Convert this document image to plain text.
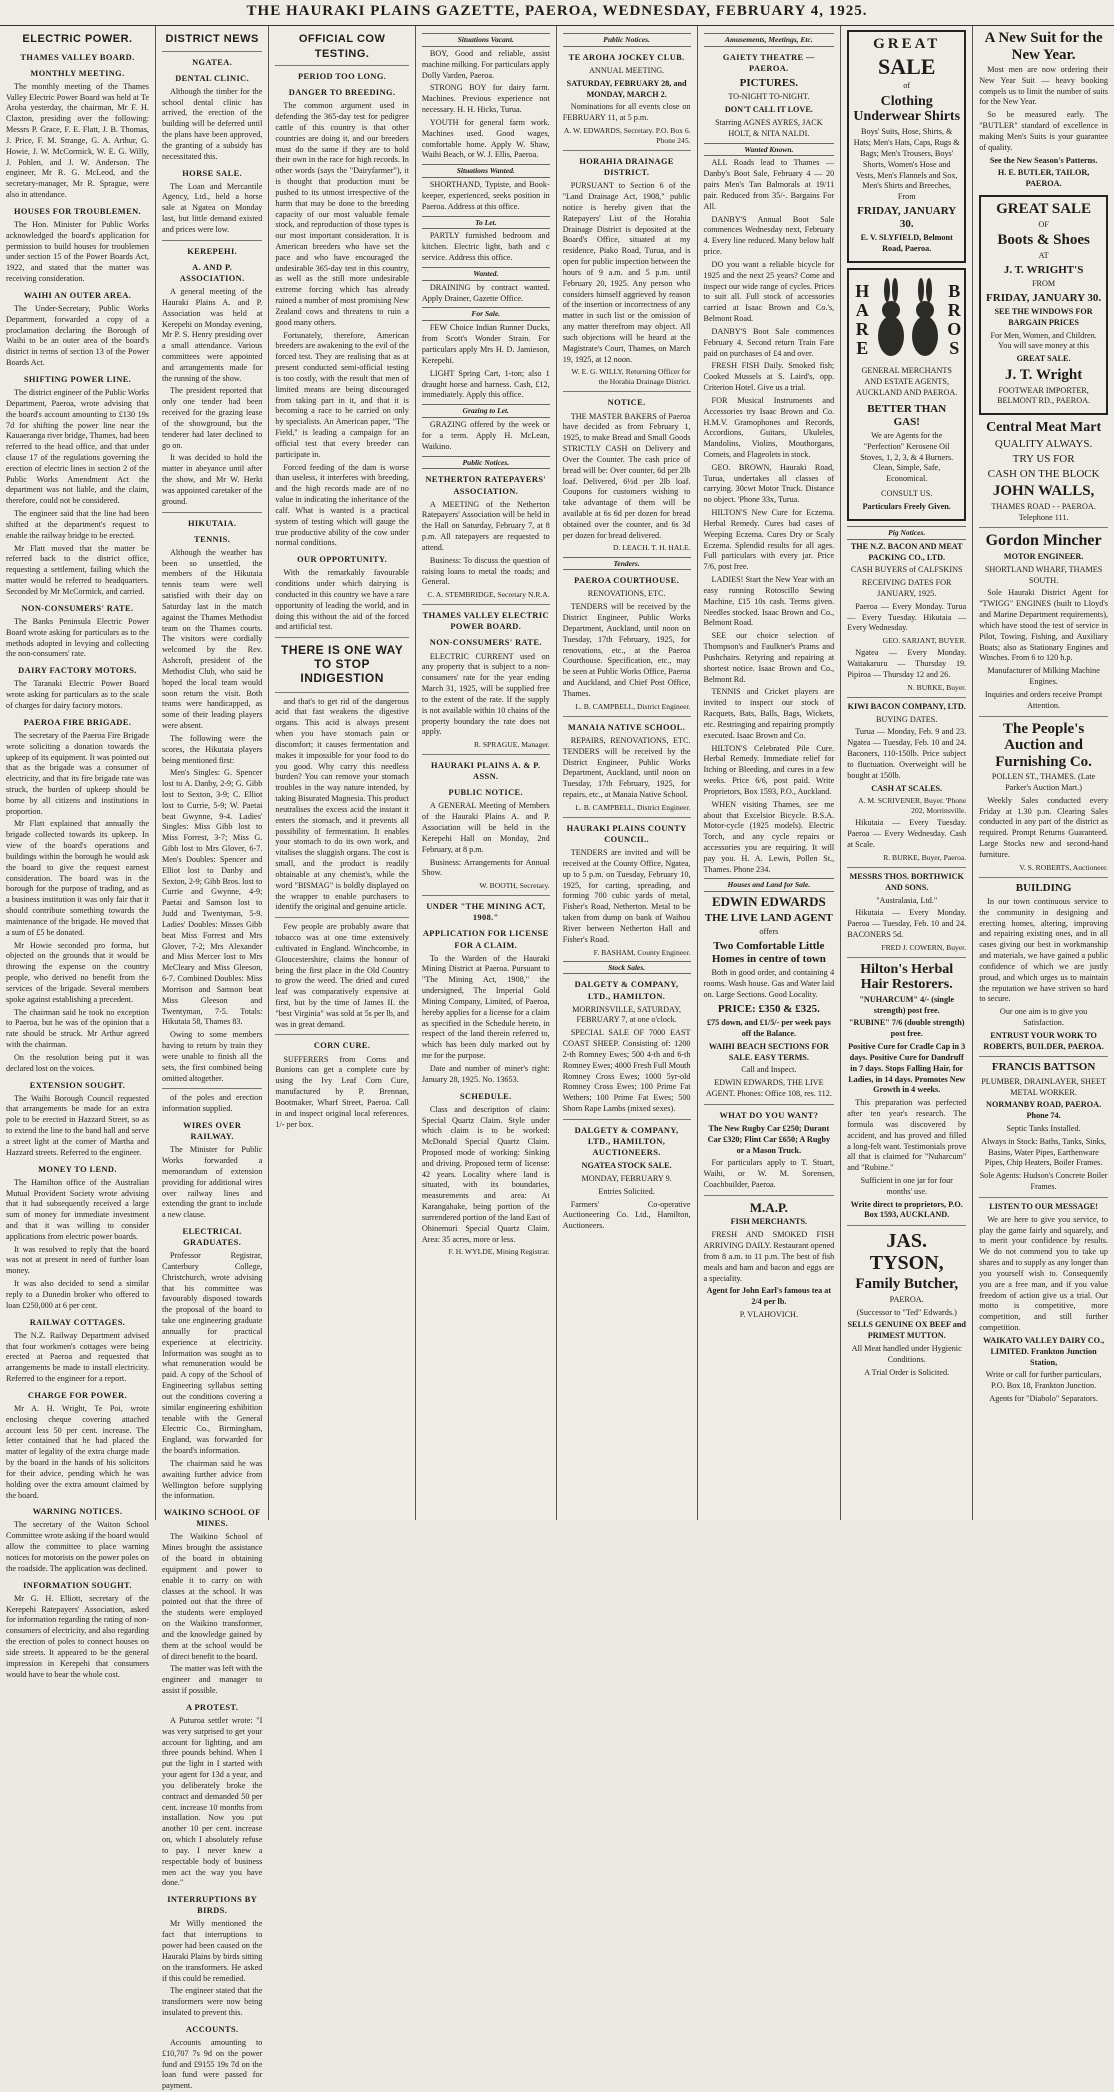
THE HAURAKI PLAINS GAZETTE, PAEROA, WEDNESDAY, FEBRUARY 4, 1925.
ELECTRIC POWER.
THAMES VALLEY BOARD.
MONTHLY MEETING.

The monthly meeting of the Thames Valley Electric Power Board was held at Te Aroha yesterday, the chairman, Mr F. H. Claxton, presiding over the following: Messrs P. Grace, F. E. Flatt, J. B. Thomas, J. Price, F. M. Strange, G. A. Arthur, G. Howie, J. W. McCormick, W. E. G. Willy, J. Pohlen, and J. W. Anderson. The engineer, Mr R. G. McLeod, and the secretary-manager, Mr R. Sprague, were also in attendance.

HOUSES FOR TROUBLEMEN.

The Hon. Minister for Public Works acknowledged the board's application for permission to build houses for troublemen under section 15 of the Power Boards Act, 1922, and stated that the matter was receiving consideration.

WAIHI AN OUTER AREA.

The Under-Secretary, Public Works Department, forwarded a copy of a proclamation declaring the Borough of Waihi to be an outer area of the board's district in terms of section 13 of the Power Boards Act.

SHIFTING POWER LINE.

The district engineer of the Public Works Department, Paeroa, wrote advising that the board's account amounting to £130 19s 7d for shifting the power line near the Kauaeranga river bridge, Thames, had been referred to the head office, and that under clause 17 of the regulations governing the erection of electric lines in section 2 of the Public Works Amendment Act the department was not liable, and the claim, therefore, could not be considered.

The engineer said that the line had been shifted at the department's request to enable the railway bridge to be erected.

Mr Flatt moved that the matter be referred back to the district office, requesting a settlement, failing which the matter would be referred to headquarters. Seconded by Mr McCormick, and carried.

NON-CONSUMERS' RATE.

The Banks Peninsula Electric Power Board wrote asking for particulars as to the methods adopted in levying and collecting the non-consumers' rate.

DAIRY FACTORY MOTORS.

The Taranaki Electric Power Board wrote asking for particulars as to the scale of charges for dairy factory motors.

PAEROA FIRE BRIGADE.

The secretary of the Paeroa Fire Brigade wrote soliciting a donation towards the upkeep of its equipment. It was pointed out that as the brigade was a consumer of electricity, and that its fire brigade rate was struck, the burden of upkeep should be borne by all citizens and institutions in proportion.

Mr Flatt explained that annually the brigade collected towards its upkeep. In view of the board's operations and buildings within the borough he would ask the board to give the request earnest consideration. The board was in the borough for the purpose of trading, and as a business institution it was only fair that it should contribute something towards the maintenance of the brigade. He moved that a sum of £5 be donated.

Mr Howie seconded pro forma, but objected on the grounds that it would be throwing the expense on the country people, who derived no benefit from the services of the brigade. Several members spoke against establishing a precedent.

The chairman said he took no exception to Paeroa, but he was of the opinion that a rate should be struck. Mr Arthur agreed with the chairman.

On the resolution being put it was declared lost on the voices.

EXTENSION SOUGHT.

The Waihi Borough Council requested that arrangements be made for an extra pole to be erected in Hazzard Street, so as to extend the line to the band hall and serve a street light at the corner of Martha and Hazzard streets. Referred to the engineer.

MONEY TO LEND.

The Hamilton office of the Australian Mutual Provident Society wrote advising that it had subsequently received a large sum of money for immediate investment and that it was willing to consider applications from electric power boards.

It was resolved to reply that the board was not at present in need of further loan money.

It was also decided to send a similar reply to a Dunedin broker who offered to loan £250,000 at 6 per cent.

RAILWAY COTTAGES.

The N.Z. Railway Department advised that four workmen's cottages were being erected at Paeroa and requested that arrangements be made to install electricity. Referred to the engineer for a report.

CHARGE FOR POWER.

Mr A. H. Wright, Te Poi, wrote enclosing cheque covering attached account less 50 per cent. increase. The letter contained that he had placed the matter of legality of the extra charge made by the board in the hands of his solicitors for their advice, pending which he was holding over the extra amount claimed by the board.

WARNING NOTICES.

The secretary of the Waiton School Committee wrote asking if the board would allow the committee to place warning notices for motorists on the power poles on the roadside. The application was declined.

INFORMATION SOUGHT.

Mr G. H. Elliott, secretary of the Kerepehi Ratepayers' Association, asked for information regarding the rating of non-consumers of electricity, and also regarding the erection of poles to connect houses on side streets. It appeared to be the general impression in Kerepehi that consumers would have to bear the whole cost.

DISTRICT NEWS
NGATEA.
DENTAL CLINIC.

Although the timber for the school dental clinic has arrived, the erection of the building will be deferred until the plans have been approved, the granting of a subsidy has necessitated this.

HORSE SALE.

The Loan and Mercantile Agency, Ltd., held a horse sale at Ngatea on Monday last, but little demand existed and prices were low.

KEREPEHI.
A. AND P. ASSOCIATION.

A general meeting of the Hauraki Plains A. and P. Association was held at Kerepehi on Monday evening, Mr P. S. Henry presiding over a small attendance. Various committees were appointed and arrangements made for the running of the show.

The president reported that only one tender had been received for the grazing lease of the showground, but the tenderer had later declined to go on.

It was decided to hold the matter in abeyance until after the show, and Mr W. Herkt was appointed caretaker of the ground.

HIKUTAIA.
TENNIS.

Although the weather has been so unsettled, the members of the Hikutaia tennis team were well satisfied with their day on Saturday last in the match against the Thames Methodist team on the Thames courts. The visitors were cordially welcomed by the Rev. Ashcroft, president of the Methodist Club, who said he hoped the local team would soon return the visit. Both teams were handicapped, as some of their leading players were absent.

The following were the scores, the Hikutaia players being mentioned first:

Men's Singles: G. Spencer lost to A. Danby, 2-9; G. Gibb lost to Sexton, 3-9; C. Elliot lost to Currie, 5-9; W. Paetai beat Gwynne, 9-4. Ladies' Singles: Miss Gibb lost to Miss Forrest, 3-7; Miss G. Gibb lost to Mrs Glover, 6-7. Men's Doubles: Spencer and Elliot lost to Danby and Sexton, 2-9; Gibb Bros. lost to Currie and Gwynne, 4-9; Paetai and Samson lost to Judd and Twentyman, 5-9. Ladies' Doubles: Misses Gibb beat Miss Forrest and Mrs Glover, 7-2; Mrs Alexander and Miss Mercer lost to Mrs McCleary and Miss Gleeson, 6-7. Combined Doubles: Miss Morrison and Samson beat Miss Gleeson and Twentyman, 7-5. Totals: Hikutaia 58, Thames 83.

Owing to some members having to return by train they were unable to finish all the sets, the first combined being omitted altogether.

of the poles and erection information supplied.

WIRES OVER RAILWAY.

The Minister for Public Works forwarded a memorandum of extension providing for additional wires over railway lines and extending the grant to include a new clause.

ELECTRICAL GRADUATES.

Professor Registrar, Canterbury College, Christchurch, wrote advising that his committee was favourably disposed towards the proposal of the board to take one engineering graduate annually for practical experience at electricity. Information was sought as to what remuneration would be paid. A copy of the School of Engineering syllabus setting out the conditions covering a similar engineering exhibition tenable with the General Electric Co., Birmingham, England, was forwarded for the board's information.

The chairman said he was awaiting further advice from Wellington before supplying the information.

WAIKINO SCHOOL OF MINES.

The Waikino School of Mines brought the assistance of the board in obtaining equipment and power to enable it to carry on with classes at the school. It was pointed out that the three of the students were employed on the Waikino transformer, and the knowledge gained by them at the school would be of direct benefit to the board.

The matter was left with the engineer and manager to assist if possible.

A PROTEST.

A Puturoa settler wrote: "I was very surprised to get your account for lighting, and am three pounds behind. When I put the light in I started with your agent for 13d a year, and you deliberately broke the contract and demanded 50 per cent. increase 10 months from installation. Now you put another 10 per cent. increase on, which I absolutely refuse to pay. I never knew a respectable body of business men act the way you have done."

INTERRUPTIONS BY BIRDS.

Mr Willy mentioned the fact that interruptions to power had been caused on the Hauraki Plains by birds sitting on the transformers. He asked if this could be remedied.

The engineer stated that the transformers were now being insulated to prevent this.

ACCOUNTS.

Accounts amounting to £10,707 7s 9d on the power fund and £9155 19s 7d on the loan fund were passed for payment.

OFFICIAL COW TESTING.
PERIOD TOO LONG.
DANGER TO BREEDING.

The common argument used in defending the 365-day test for pedigree cattle of this country is that other countries are doing it, and our breeders must do the same if they are to hold their own in the race for high records. In other words (says the "Dairyfarmer"), it is thought that production must be pushed to its utmost irrespective of the harm that may be done to the breeding capacity of our most valuable female stock, and reproduction of those types is our most important consideration. It is American breeders who have set the pace and who have encouraged the undesirable 365-day test in this country, as well as the still more undesirable extreme forcing which has already ruined a number of most promising New Zealand cows and threatens to ruin a good many others.

Fortunately, therefore, American breeders are awakening to the evil of the forced test. They are realising that as at present conducted semi-official testing is too costly, with the result that men of limited means are being discouraged from taking part in it, and that it is becoming a race to be carried on only by specialists. An American paper, "The Field," is leading a campaign for an official test that every breeder can participate in.

Forced feeding of the dam is worse than useless, it interferes with breeding, and the high records made are of no value in indicating the inheritance of the calf. What is wanted is a practical system of testing which will gauge the true productive ability of the cow under normal conditions.

OUR OPPORTUNITY.

With the remarkably favourable conditions under which dairying is conducted in this country we have a rare opportunity of leading the world, and in doing this without the aid of the forced and artificial test.

THERE IS ONE WAY TO STOP INDIGESTION

and that's to get rid of the dangerous acid that fast weakens the digestive organs. This acid is always present when you have stomach pain or discomfort; it causes fermentation and makes it impossible for your food to do you good. Why carry this needless burden? You can remove your stomach troubles in the way nature intended, by taking Bisurated Magnesia. This product neutralises the excess acid the instant it enters the stomach, and it prevents all possibility of fermentation. It enables your stomach to do its own work, and vitalises the sluggish organs. The cost is small, and the product is readily obtainable at any chemist's, while the word "BISMAG" is boldly displayed on the wrapper to enable purchasers to identify the original and genuine article.

Few people are probably aware that tobacco was at one time extensively cultivated in England. Winchcombe, in Gloucestershire, claims the honour of being the first place in the Old Country to grow the weed. The dried and cured leaf was comparatively expensive at first, but by the time of James II. the "best Virginia" was sold at 5s per lb, and was in great demand.

CORN CURE.

SUFFERERS from Corns and Bunions can get a complete cure by using the Ivy Leaf Corn Cure, manufactured by P. Brennan, Bootmaker, Wharf Street, Paeroa. Call in and inspect original local references. 1/- per box.

Situations Vacant.

BOY, Good and reliable, assist machine milking. For particulars apply Dolly Varden, Paeroa.

STRONG BOY for dairy farm. Machines. Previous experience not necessary. H. H. Hicks, Turua.

YOUTH for general farm work. Machines used. Good wages, comfortable home. Apply W. Shaw, Waihi Beach, or W. J. Ellis, Paeroa.

Situations Wanted.

SHORTHAND, Typiste, and Book-keeper, experienced, seeks position in Paeroa. Address at this office.

To Let.

PARTLY furnished bedroom and kitchen. Electric light, bath and c service. Address this office.

Wanted.

DRAINING by contract wanted. Apply Drainer, Gazette Office.

For Sale.

FEW Choice Indian Runner Ducks, from Scott's Wonder Strain. For particulars apply Mrs H. D. Jamieson, Kerepehi.

LIGHT Spring Cart, 1-ton; also 1 draught horse and harness. Cash, £12, immediately. Apply this office.

Grazing to Let.

GRAZING offered by the week or for a term. Apply H. McLean, Waikino.

Public Notices.
NETHERTON RATEPAYERS' ASSOCIATION.

A MEETING of the Netherton Ratepayers' Association will be held in the Hall on Saturday, February 7, at 8 p.m. All ratepayers are requested to attend.

Business: To discuss the question of raising loans to metal the roads; and General.

C. A. STEMBRIDGE, Secretary N.R.A.

THAMES VALLEY ELECTRIC POWER BOARD.
NON-CONSUMERS' RATE.

ELECTRIC CURRENT used on any property that is subject to a non-consumers' rate for the year ending March 31, 1925, will be supplied free to the extent of the rate. If the supply is not available within 10 chains of the property boundary the rate does not apply.

R. SPRAGUE, Manager.

HAURAKI PLAINS A. & P. ASSN.
PUBLIC NOTICE.

A GENERAL Meeting of Members of the Hauraki Plains A. and P. Association will be held in the Kerepehi Hall on Monday, 2nd February, at 8 p.m.

Business: Arrangements for Annual Show.

W. BOOTH, Secretary.

UNDER "THE MINING ACT, 1908."
APPLICATION FOR LICENSE FOR A CLAIM.

To the Warden of the Hauraki Mining District at Paeroa. Pursuant to "The Mining Act, 1908," the undersigned, The Imperial Gold Mining Company, Limited, of Paeroa, hereby applies for a license for a claim as specified in the Schedule hereto, in respect of the land therein referred to, which has been duly marked out by me for the purpose.

Date and number of miner's right: January 28, 1925. No. 13653.

SCHEDULE.

Class and description of claim: Special Quartz Claim. Style under which claim is to be worked: McDonald Special Quartz Claim. Proposed mode of working: Sinking and driving. Proposed term of license: 42 years. Locality where land is situated, with its boundaries, measurements and area: At Karangahake, being portion of the surrendered portion of the land East of Ohinemuri Special Quartz Claim. Area: 35 acres, more or less.

F. H. WYLDE, Mining Registrar.

Public Notices.
TE AROHA JOCKEY CLUB.

ANNUAL MEETING.

SATURDAY, FEBRUARY 28, and MONDAY, MARCH 2.

Nominations for all events close on FEBRUARY 11, at 5 p.m.

A. W. EDWARDS, Secretary. P.O. Box 6. Phone 245.

HORAHIA DRAINAGE DISTRICT.

PURSUANT to Section 6 of the "Land Drainage Act, 1908," public notice is hereby given that the Ratepayers' List of the Horahia Drainage District is deposited at the Board's Office, situated at my residence, Piako Road, Turua, and is open for public inspection between the hours of 9 a.m. and 5 p.m. until February 20, 1925. Any person who considers himself aggrieved by reason of the insertion or incorrectness of any matter in such list or the omission of any matter therefrom may object. All such objections will be heard at the Magistrate's Court, Thames, on March 19, 1925, at 12 noon.

W. E. G. WILLY, Returning Officer for the Horahia Drainage District.

NOTICE.

THE MASTER BAKERS of Paeroa have decided as from February 1, 1925, to make Bread and Small Goods STRICTLY CASH on Delivery and Over the Counter. The cash price of bread will be: Over counter, 6d per 2lb loaf. Delivered, 6½d per 2lb loaf. Coupons for customers wishing to take advantage of them will be available at 6s 6d per dozen for bread obtained over the counter, and 6s 3d per dozen for bread delivered.

D. LEACH. T. H. HALE.

Tenders.
PAEROA COURTHOUSE.

RENOVATIONS, ETC.

TENDERS will be received by the District Engineer, Public Works Department, Auckland, until noon on Tuesday, 17th February, 1925, for renovations, etc., at the Paeroa Courthouse. Specification, etc., may be seen at Public Works Office, Paeroa and Auckland, and Chief Post Office, Thames.

L. B. CAMPBELL, District Engineer.

MANAIA NATIVE SCHOOL.

REPAIRS, RENOVATIONS, ETC. TENDERS will be received by the District Engineer, Public Works Department, Auckland, until noon on Tuesday, 17th February, 1925, for repairs, etc., at Manaia Native School.

L. B. CAMPBELL, District Engineer.

HAURAKI PLAINS COUNTY COUNCIL.

TENDERS are invited and will be received at the County Office, Ngatea, up to 5 p.m. on Tuesday, February 10, 1925, for carting, spreading, and forming 700 cubic yards of metal, Fisher's Road, Netherton. Metal to be taken from dump on bank of Waihou River between Netherton Hall and Fisher's Road.

F. BASHAM, County Engineer.

Stock Sales.
DALGETY & COMPANY, LTD., HAMILTON.

MORRINSVILLE, SATURDAY, FEBRUARY 7, at one o'clock.

SPECIAL SALE OF 7000 EAST COAST SHEEP. Consisting of: 1200 2-th Romney Ewes; 500 4-th and 6-th Romney Ewes; 4000 Fresh Full Mouth Romney Cross Ewes; 1000 5yr-old Romney Cross Ewes; 100 Prime Fat Wethers; 100 Prime Fat Ewes; 500 Shorn Rape Lambs (mixed sexes).

DALGETY & COMPANY, LTD., HAMILTON, AUCTIONEERS.

NGATEA STOCK SALE.

MONDAY, FEBRUARY 9.

Entries Solicited.

Farmers' Co-operative Auctioneering Co. Ltd., Hamilton, Auctioneers.

Amusements, Meetings, Etc.
GAIETY THEATRE — PAEROA.

PICTURES.

TO-NIGHT TO-NIGHT.

DON'T CALL IT LOVE.

Starring AGNES AYRES, JACK HOLT, & NITA NALDI.

Wanted Known.

ALL Roads lead to Thames — Danby's Boot Sale, February 4 — 20 pairs Men's Tan Balmorals at 19/11 pair. Reduced from 35/-. Bargains For All.

DANBY'S Annual Boot Sale commences Wednesday next, February 4. Every line reduced. Many below half price.

DO you want a reliable bicycle for 1925 and the next 25 years? Come and inspect our wide range of cycles. Prices to suit all. Full stock of accessories carried at Isaac Brown and Co.'s, Belmont Road.

DANBY'S Boot Sale commences February 4. Second return Train Fare paid on purchases of £4 and over.

FRESH FISH Daily. Smoked fish; Cooked Mussels at S. Laird's, opp. Criterion Hotel. Give us a trial.

FOR Musical Instruments and Accessories try Isaac Brown and Co. H.M.V. Gramophones and Records, Accordions, Guitars, Ukuleles, Mandolins, Violins, Mouthorgans, Cornets, and Flageolets in stock.

GEO. BROWN, Hauraki Road, Turua, undertakes all classes of carrying. 30cwt Motor Truck. Distance no object. 'Phone 33x, Turua.

HILTON'S New Cure for Eczema. Herbal Remedy. Cures bad cases of Weeping Eczema. Cures Dry or Scaly Eczema. Splendid results for all ages. Full particulars with every jar. Price 7/6, post free.

LADIES! Start the New Year with an easy running Rotoscillo Sewing Machine, £15 10s cash. Terms given. Needles stocked. Isaac Brown and Co., Belmont Road.

SEE our choice selection of Thompson's and Faulkner's Prams and Pushchairs. Retyring and repairing at shortest notice. Isaac Brown and Co., Belmont Rd.

TENNIS and Cricket players are invited to inspect our stock of Racquets, Bats, Balls, Bags, Wickets, etc. Restringing and repairing promptly executed. Isaac Brown and Co.

HILTON'S Celebrated Pile Cure. Herbal Remedy. Immediate relief for Itching or Bleeding, and cures in a few weeks. Price 6/6, post paid. Write Proprietors, Box 1593, P.O., Auckland.

WHEN visiting Thames, see me about that Excelsior Bicycle. B.S.A. Motor-cycle (1925 models). Electric Torch, and any cycle repairs or accessories you are requiring. It will pay you. H. A. Lewis, Pollen St., Thames. Phone 234.

Houses and Land for Sale.

EDWIN EDWARDS

THE LIVE LAND AGENT

offers

Two Comfortable Little Homes in centre of town

Both in good order, and containing 4 rooms. Wash house. Gas and Water laid on. Large Sections. Good Locality.

PRICE: £350 & £325.

£75 down, and £1/5/- per week pays off the Balance.

WAIHI BEACH SECTIONS FOR SALE. EASY TERMS.

Call and Inspect.

EDWIN EDWARDS, THE LIVE AGENT. Phones: Office 108, res. 112.

WHAT DO YOU WANT?

The New Rugby Car £250; Durant Car £320; Flint Car £650; A Rugby or a Mason Truck.

For particulars apply to T. Stuart, Waihi, or W. M. Sorensen, Coachbuilder, Paeroa.

M.A.P.

FISH MERCHANTS.

FRESH AND SMOKED FISH ARRIVING DAILY. Restaurant opened from 8 a.m. to 11 p.m. The best of fish meals and ham and bacon and eggs are a speciality.

Agent for John Earl's famous tea at 2/4 per lb.

P. VLAHOVICH.

GREAT

SALE

of

Clothing Underwear Shirts

Boys' Suits, Hose, Shirts, & Hats; Men's Hats, Caps, Rugs & Bags; Men's Trousers, Boys' Shorts, Women's Hose and Vests, Men's Flannels and Sox, Men's Shirts and Breeches, From

FRIDAY, JANUARY 30.

E. V. SLYFIELD, Belmont Road, Paeroa.

HARE
BROS

GENERAL MERCHANTS AND ESTATE AGENTS, AUCKLAND AND PAEROA.

BETTER THAN GAS!

We are Agents for the "Perfection" Kerosene Oil Stoves, 1, 2, 3, & 4 Burners. Clean, Simple, Safe, Economical.

CONSULT US.

Particulars Freely Given.

Pig Notices.

THE N.Z. BACON AND MEAT PACKING CO., LTD.

CASH BUYERS of CALFSKINS

RECEIVING DATES FOR JANUARY, 1925.

Paeroa — Every Monday. Turua — Every Tuesday. Hikutaia — Every Wednesday.

GEO. SARJANT, BUYER.

Ngatea — Every Monday. Waitakaruru — Thursday 19. Pipiroa — Thursday 12 and 26.

N. BURKE, Buyer.

KIWI BACON COMPANY, LTD.

BUYING DATES.

Turua — Monday, Feb. 9 and 23. Ngatea — Tuesday, Feb. 10 and 24. Baconers, 110-150lb. Price subject to fluctuation. Overweight will be bought at 150lb.

CASH AT SCALES.

A. M. SCRIVENER, Buyer. 'Phone 202, Morrinsville.

Hikutaia — Every Tuesday. Paeroa — Every Wednesday. Cash at Scale.

R. BURKE, Buyer, Paeroa.

MESSRS THOS. BORTHWICK AND SONS.

"Australasia, Ltd."

Hikutaia — Every Monday. Paeroa — Tuesday, Feb. 10 and 24. BACONERS 5d.

FRED J. COWERN, Buyer.

Hilton's Herbal Hair Restorers.

"NUHARCUM" 4/- (single strength) post free.

"RUBINE" 7/6 (double strength) post free.

Positive Cure for Cradle Cap in 3 days. Positive Cure for Dandruff in 7 days. Stops Falling Hair, for Ladies, in 14 days. Promotes New Growth in 4 weeks.

This preparation was perfected after ten year's research. The formula was discovered by accident, and has proved and filled a long-felt want. Testimonials prove all that is claimed for "Nuharcum" and "Rubine."

Sufficient in one jar for four months' use.

Write direct to proprietors, P.O. Box 1593, AUCKLAND.

JAS. TYSON,

Family Butcher,

PAEROA.

(Successor to "Ted" Edwards.)

SELLS GENUINE OX BEEF and PRIMEST MUTTON.

All Meat handled under Hygienic Conditions.

A Trial Order is Solicited.

A New Suit for the New Year.

Most men are now ordering their New Year Suit — heavy booking compels us to limit the number of suits for the New Year.

So be measured early. The "BUTLER" standard of excellence in making Men's Suits is your guarantee of quality.

See the New Season's Patterns.

H. E. BUTLER, TAILOR, PAEROA.

GREAT SALE

OF

Boots & Shoes

AT

J. T. WRIGHT'S

FROM

FRIDAY, JANUARY 30.

SEE THE WINDOWS FOR BARGAIN PRICES

For Men, Women, and Children. You will save money at this

GREAT SALE.

J. T. Wright

FOOTWEAR IMPORTER, BELMONT RD., PAEROA.

Central Meat Mart

QUALITY ALWAYS.

TRY US FOR

CASH ON THE BLOCK

JOHN WALLS,

THAMES ROAD - - PAEROA. Telephone 111.

Gordon Mincher

MOTOR ENGINEER.

SHORTLAND WHARF, THAMES SOUTH.

Sole Hauraki District Agent for "TWIGG" ENGINES (built to Lloyd's and Marine Department requirements), which have stood the test of service in Pilot, Towing, Fishing, and Auxiliary Boats; also as Stationary Engines and Winches. From 6 to 120 h.p.

Manufacturer of Milking Machine Engines.

Inquiries and orders receive Prompt Attention.

The People's Auction and Furnishing Co.

POLLEN ST., THAMES. (Late Parker's Auction Mart.)

Weekly Sales conducted every Friday at 1.30 p.m. Clearing Sales conducted in any part of the district as required. Prompt Returns Guaranteed. Large Stocks new and second-hand furniture.

V. S. ROBERTS, Auctioneer.

BUILDING

In our town continuous service to the community in designing and erecting homes, altering, improving and repairing existing ones, and in all cases giving our best in workmanship and materials, we have gained a public confidence of which we are justly proud, and which urges us to maintain the reputation we have striven so hard to secure.

Our one aim is to give you Satisfaction.

ENTRUST YOUR WORK TO ROBERTS, BUILDER, PAEROA.

FRANCIS BATTSON

PLUMBER, DRAINLAYER, SHEET METAL WORKER.

NORMANBY ROAD, PAEROA. Phone 74.

Septic Tanks Installed.

Always in Stock: Baths, Tanks, Sinks, Basins, Water Pipes, Earthenware Pipes, Chip Heaters, Boiler Frames.

Sole Agents: Hudson's Concrete Boiler Frames.

LISTEN TO OUR MESSAGE!

We are here to give you service, to play the game fairly and squarely, and to merit your confidence by results. We do not commend you to take up shares and to supply as any longer than you yourself wish to. Consequently you are a free man, and if you value freedom of action give us a trial. Our motto is competitive, more competition, and still further competition.

WAIKATO VALLEY DAIRY CO., LIMITED. Frankton Junction Station,

Write or call for further particulars, P.O. Box 18, Frankton Junction.

Agents for "Diabolo" Separators.
